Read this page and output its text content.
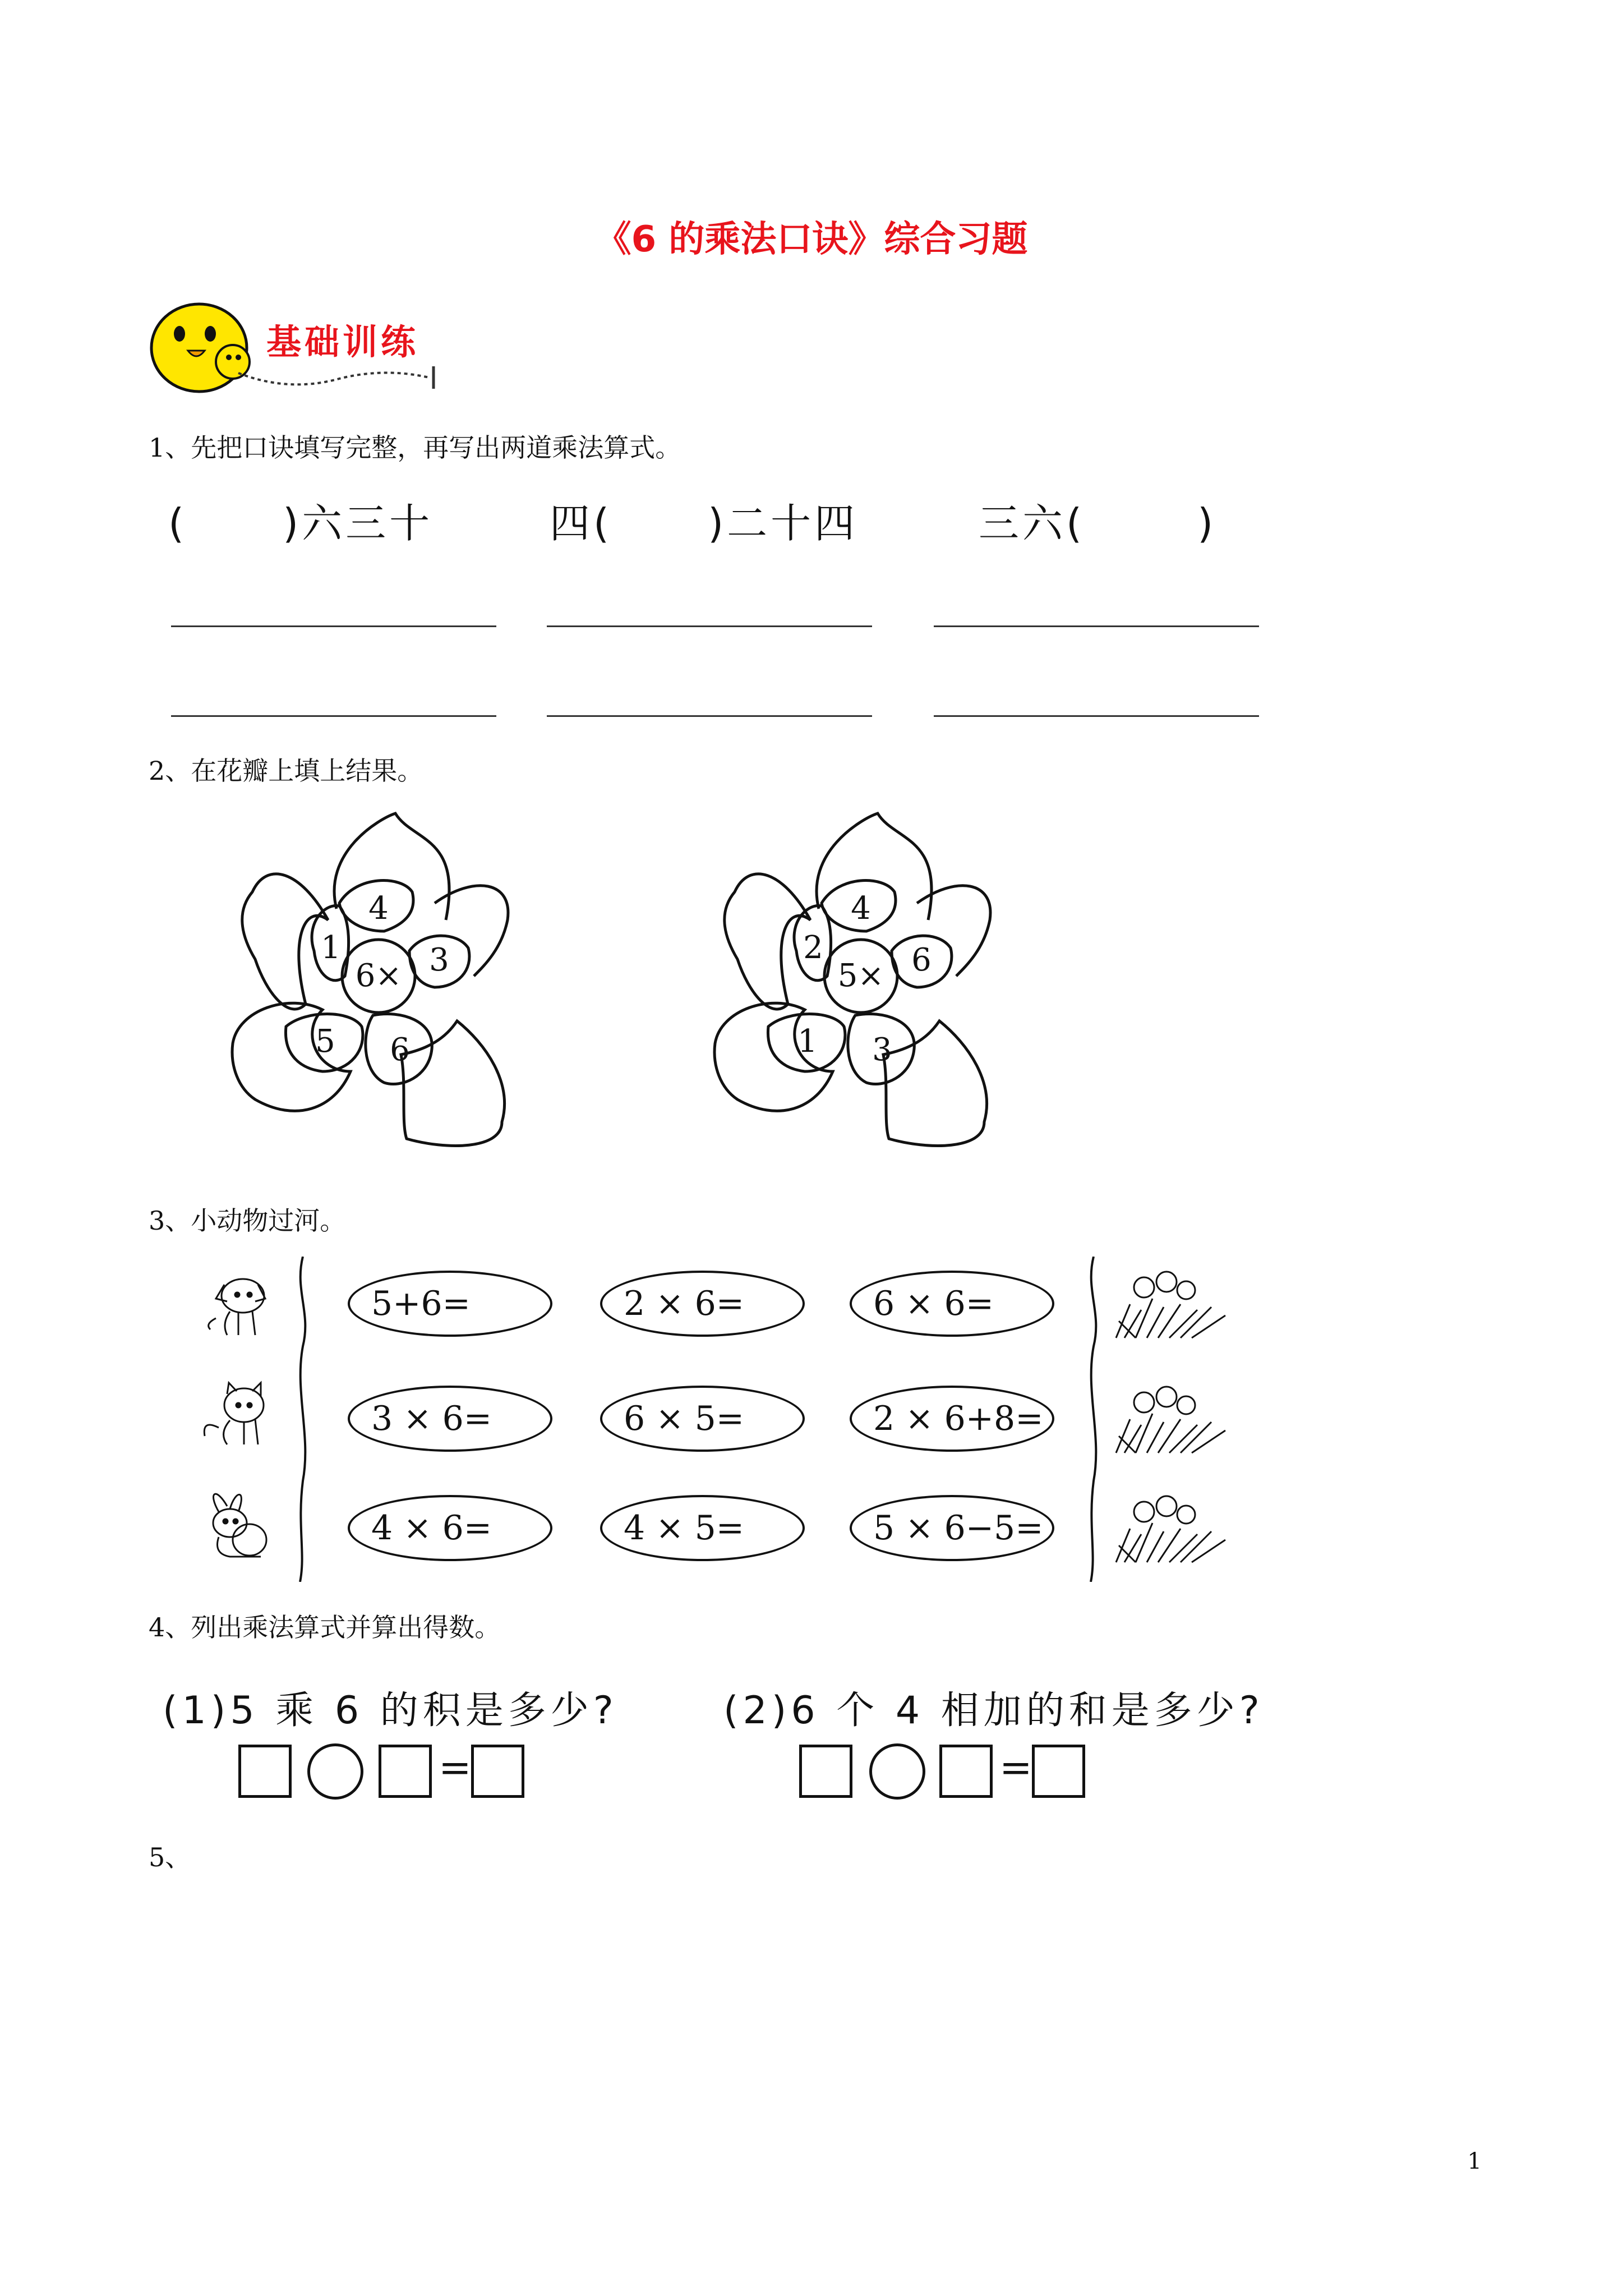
《6 的乘法口诀》综合习题
基础训练
1、先把口诀填写完整，再写出两道乘法算式。
( )六三十	四( )二十四	三六(	)
2、在花瓣上填上结果。
6×
4
3
6
5
1
5×
4
6
3
1
2
3、小动物过河。
5+6=	2 × 6=	6 × 6=
3 × 6=	6 × 5=	2 × 6+8=
4 × 6=	4 × 5=	5 × 6−5=
4、列出乘法算式并算出得数。
(1)5 乘 6 的积是多少?	(2)6 个 4 相加的和是多少?
=	=
5、
1
